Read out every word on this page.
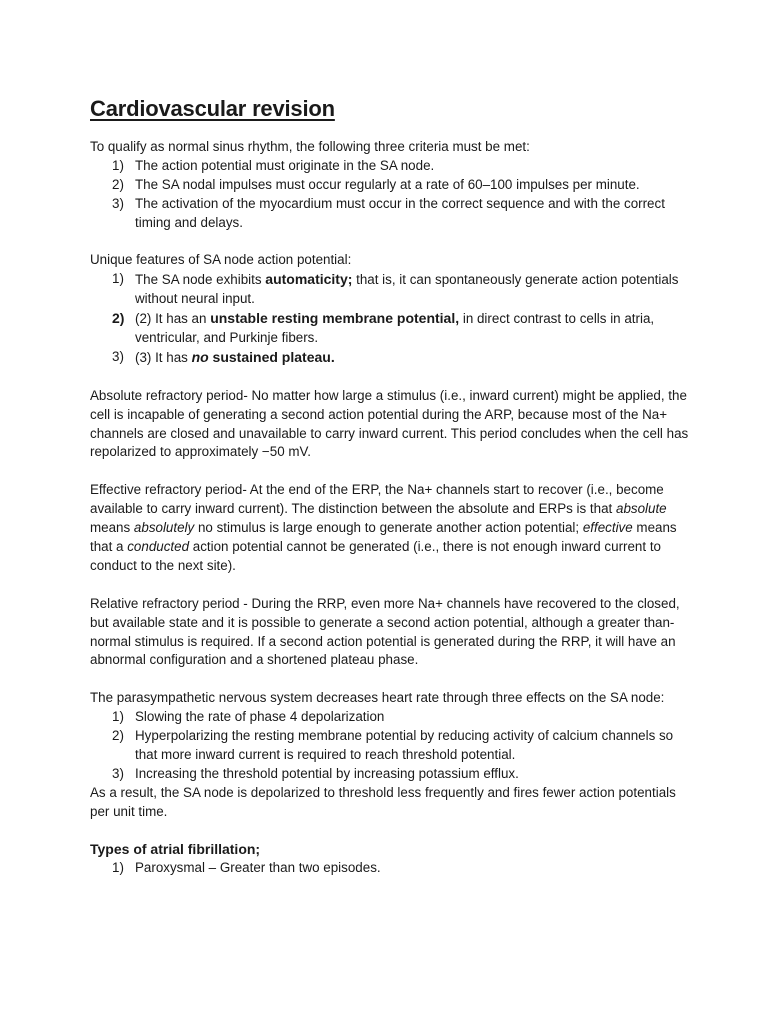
Cardiovascular revision

To qualify as normal sinus rhythm, the following three criteria must be met:

1) The action potential must originate in the SA node.
2) The SA nodal impulses must occur regularly at a rate of 60–100 impulses per minute.
3) The activation of the myocardium must occur in the correct sequence and with the correct timing and delays.

Unique features of SA node action potential:

1) The SA node exhibits automaticity; that is, it can spontaneously generate action potentials without neural input.
2) (2) It has an unstable resting membrane potential, in direct contrast to cells in atria, ventricular, and Purkinje fibers.
3) (3) It has no sustained plateau.

Absolute refractory period- No matter how large a stimulus (i.e., inward current) might be applied, the cell is incapable of generating a second action potential during the ARP, because most of the Na+ channels are closed and unavailable to carry inward current. This period concludes when the cell has repolarized to approximately −50 mV.

Effective refractory period- At the end of the ERP, the Na+ channels start to recover (i.e., become available to carry inward current). The distinction between the absolute and ERPs is that absolute means absolutely no stimulus is large enough to generate another action potential; effective means that a conducted action potential cannot be generated (i.e., there is not enough inward current to conduct to the next site).

Relative refractory period - During the RRP, even more Na+ channels have recovered to the closed, but available state and it is possible to generate a second action potential, although a greater than- normal stimulus is required. If a second action potential is generated during the RRP, it will have an abnormal configuration and a shortened plateau phase.

The parasympathetic nervous system decreases heart rate through three effects on the SA node:

1) Slowing the rate of phase 4 depolarization
2) Hyperpolarizing the resting membrane potential by reducing activity of calcium channels so that more inward current is required to reach threshold potential.
3) Increasing the threshold potential by increasing potassium efflux.

As a result, the SA node is depolarized to threshold less frequently and fires fewer action potentials per unit time.

Types of atrial fibrillation;

1) Paroxysmal – Greater than two episodes.
